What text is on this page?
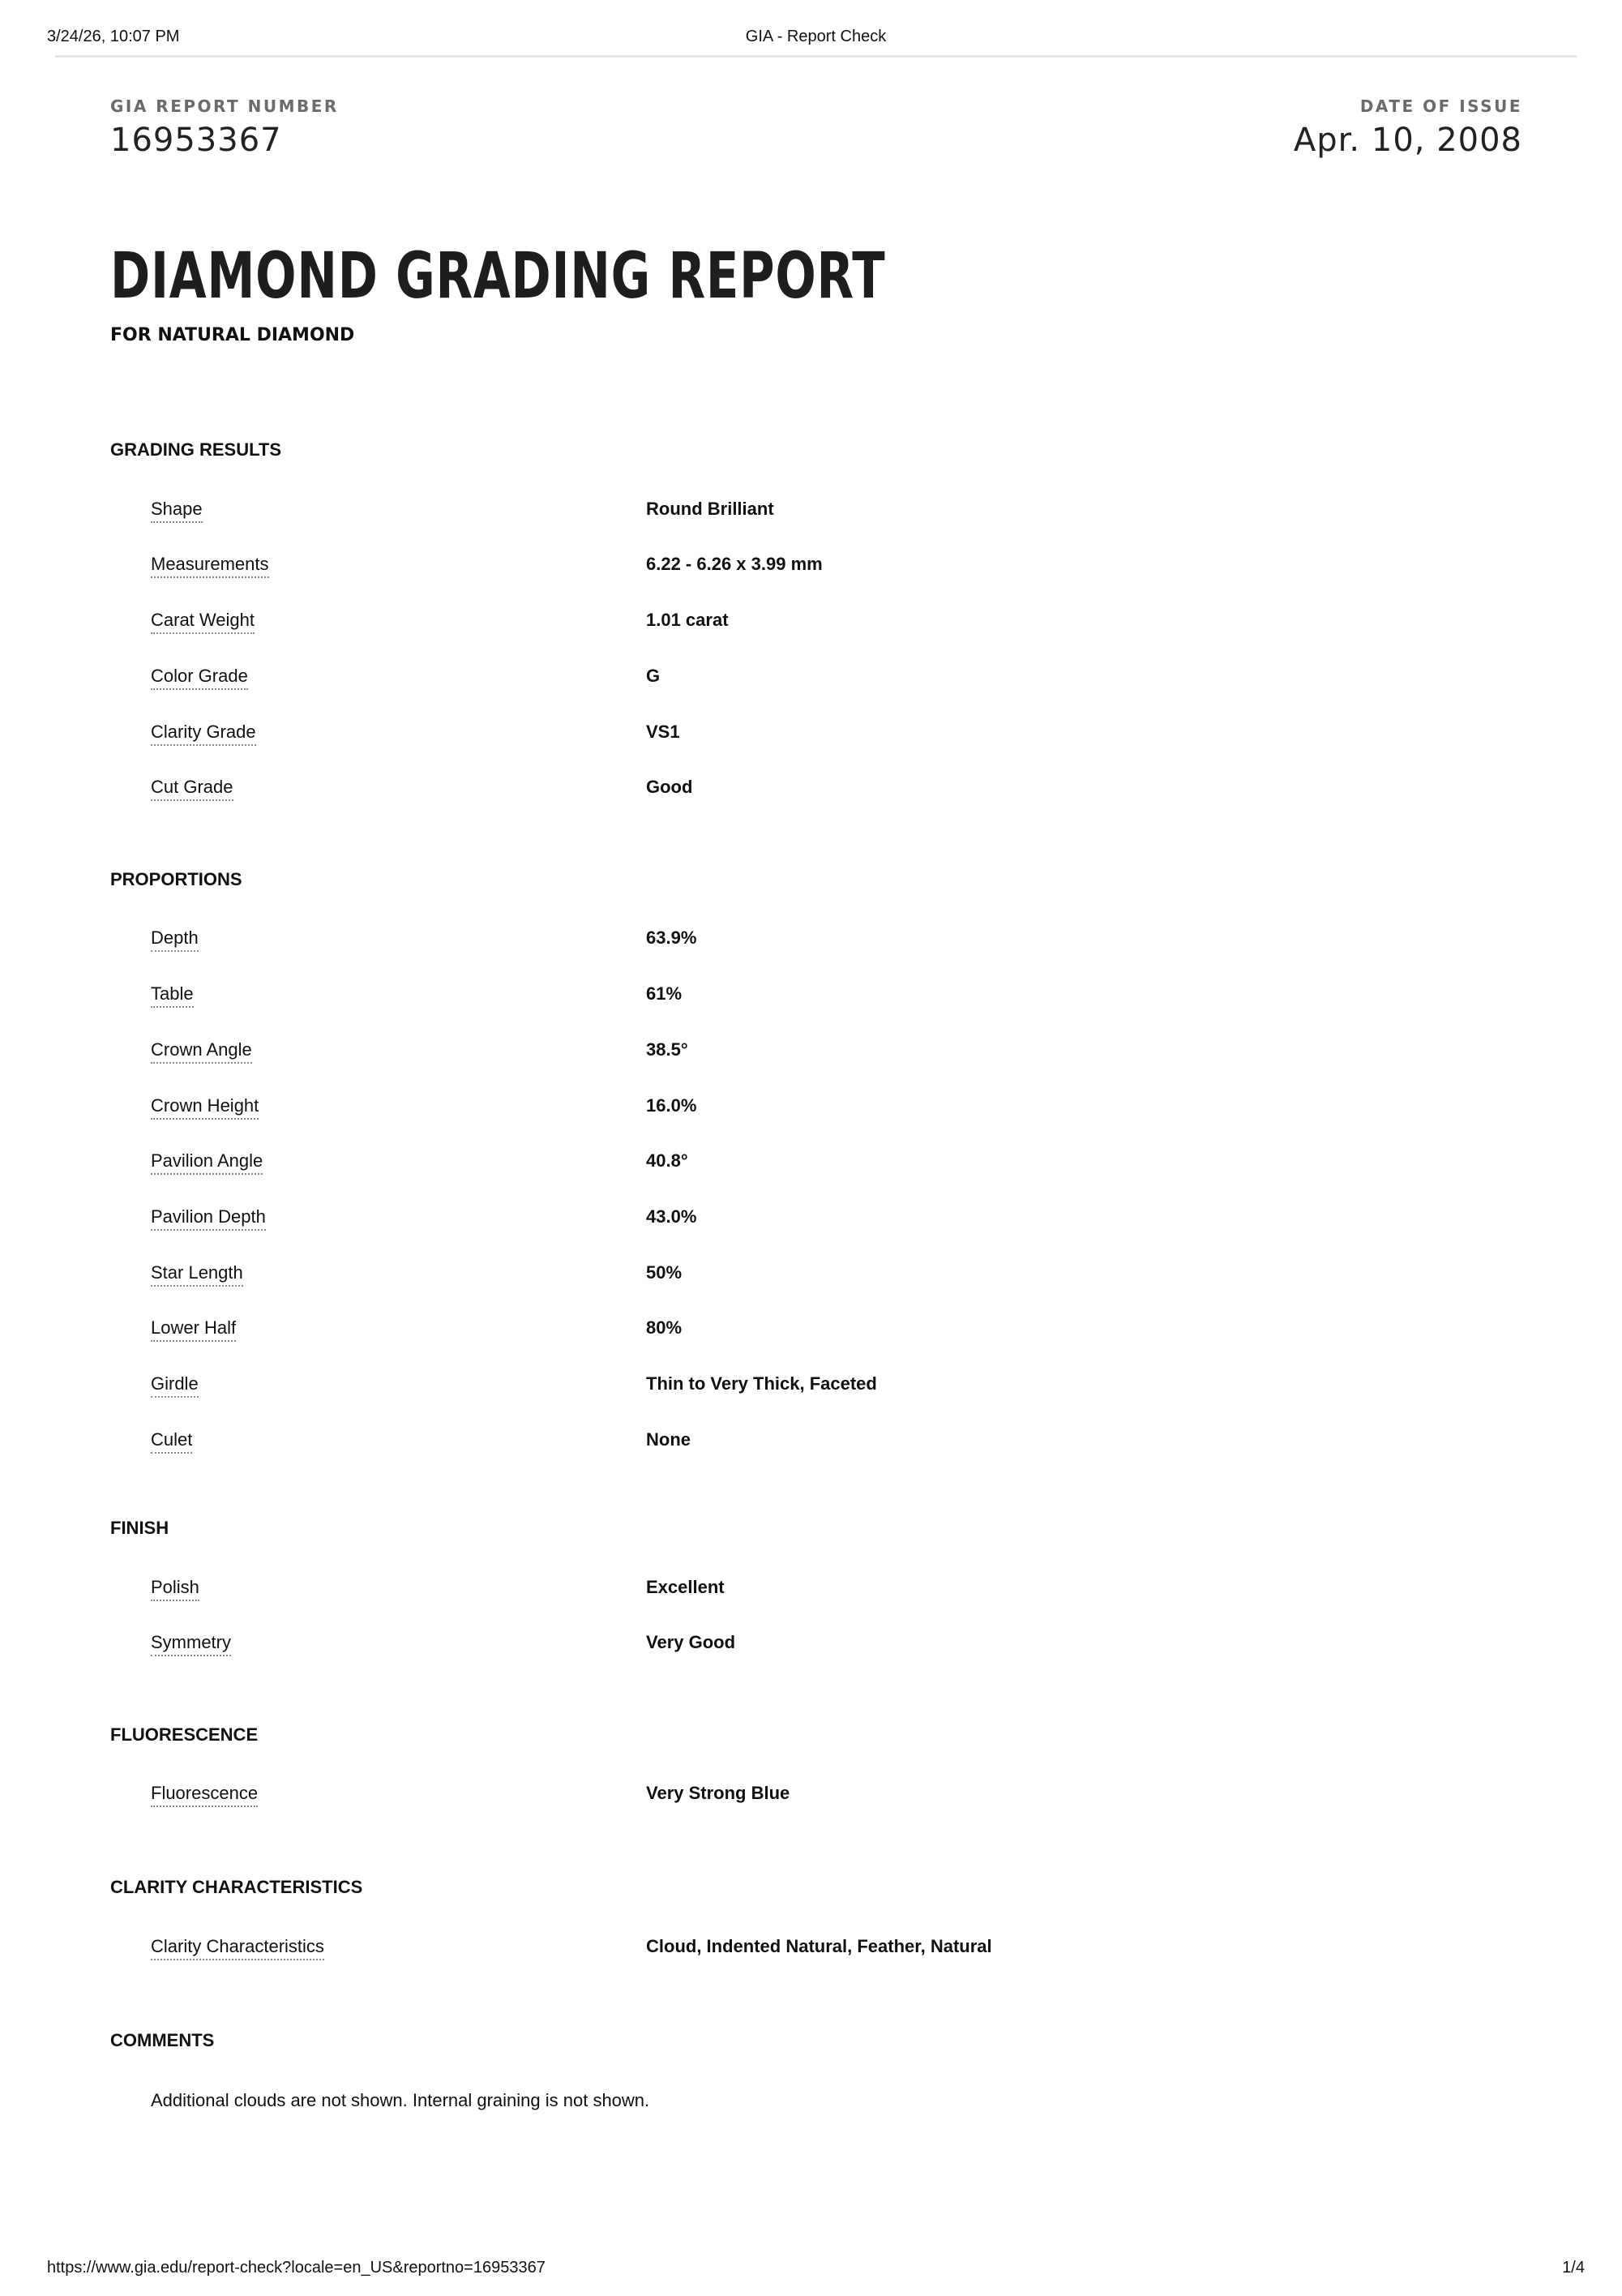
3/24/26, 10:07 PM	GIA - Report Check
GIA REPORT NUMBER
16953367
DATE OF ISSUE
Apr. 10, 2008
DIAMOND GRADING REPORT
FOR NATURAL DIAMOND
GRADING RESULTS
Shape	Round Brilliant
Measurements	6.22 - 6.26 x 3.99 mm
Carat Weight	1.01 carat
Color Grade	G
Clarity Grade	VS1
Cut Grade	Good
PROPORTIONS
Depth	63.9%
Table	61%
Crown Angle	38.5°
Crown Height	16.0%
Pavilion Angle	40.8°
Pavilion Depth	43.0%
Star Length	50%
Lower Half	80%
Girdle	Thin to Very Thick, Faceted
Culet	None
FINISH
Polish	Excellent
Symmetry	Very Good
FLUORESCENCE
Fluorescence	Very Strong Blue
CLARITY CHARACTERISTICS
Clarity Characteristics	Cloud, Indented Natural, Feather, Natural
COMMENTS
Additional clouds are not shown. Internal graining is not shown.
https://www.gia.edu/report-check?locale=en_US&reportno=16953367	1/4
